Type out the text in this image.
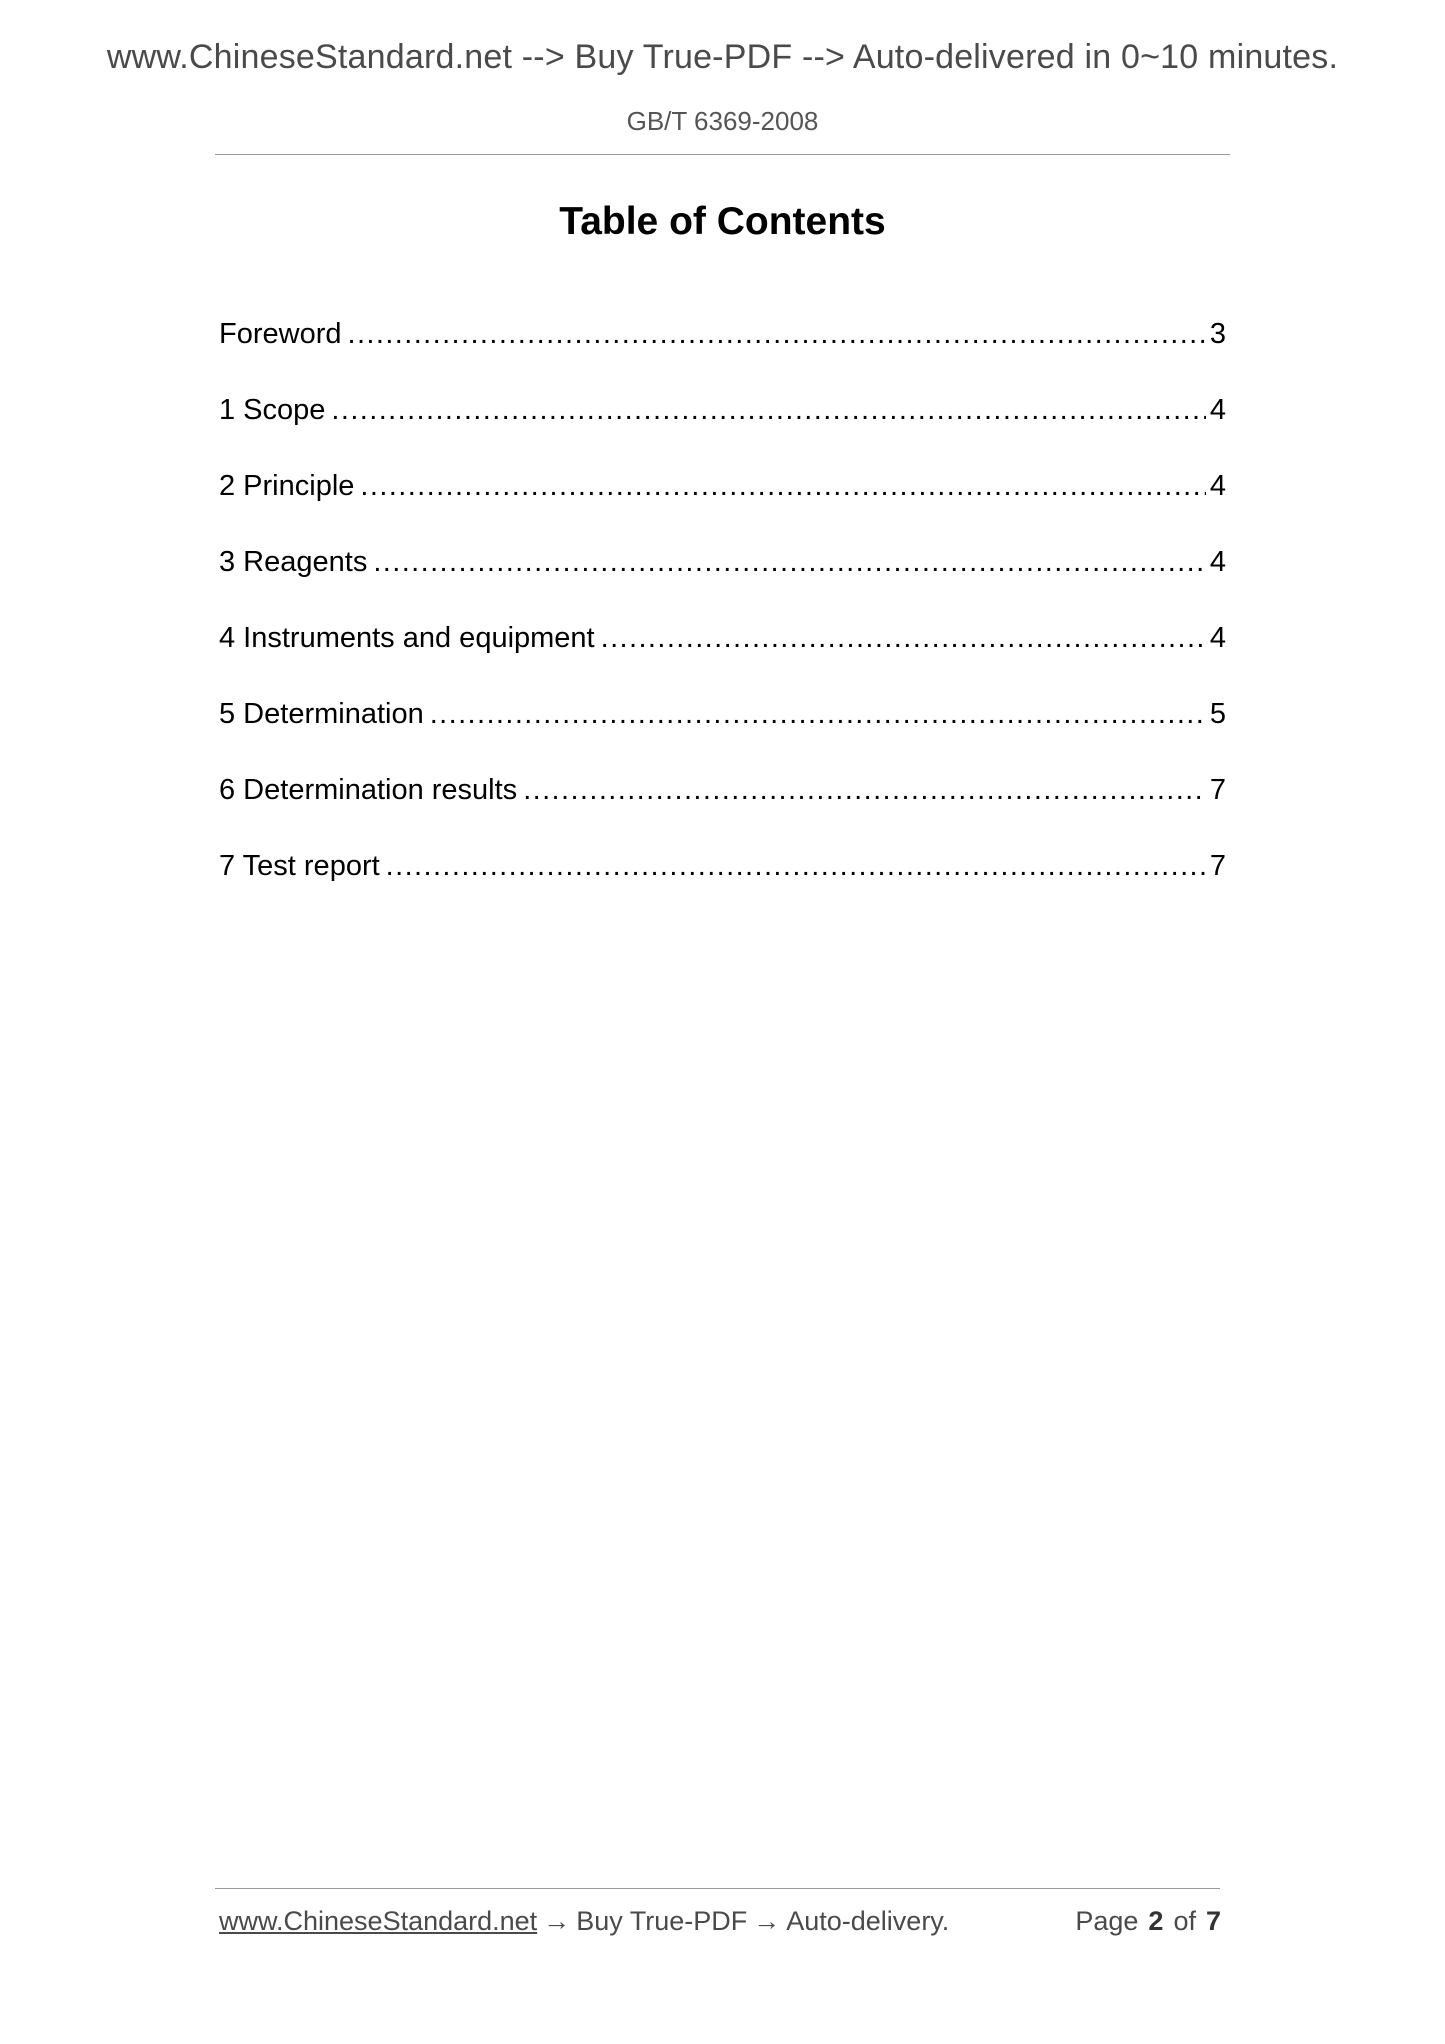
www.ChineseStandard.net --> Buy True-PDF --> Auto-delivered in 0~10 minutes.
GB/T 6369-2008
Table of Contents
Foreword .....	3
1 Scope .....	4
2 Principle .....	4
3 Reagents .....	4
4 Instruments and equipment .....	4
5 Determination .....	5
6 Determination results .....	7
7 Test report .....	7
www.ChineseStandard.net → Buy True-PDF → Auto-delivery.	Page 2 of 7
